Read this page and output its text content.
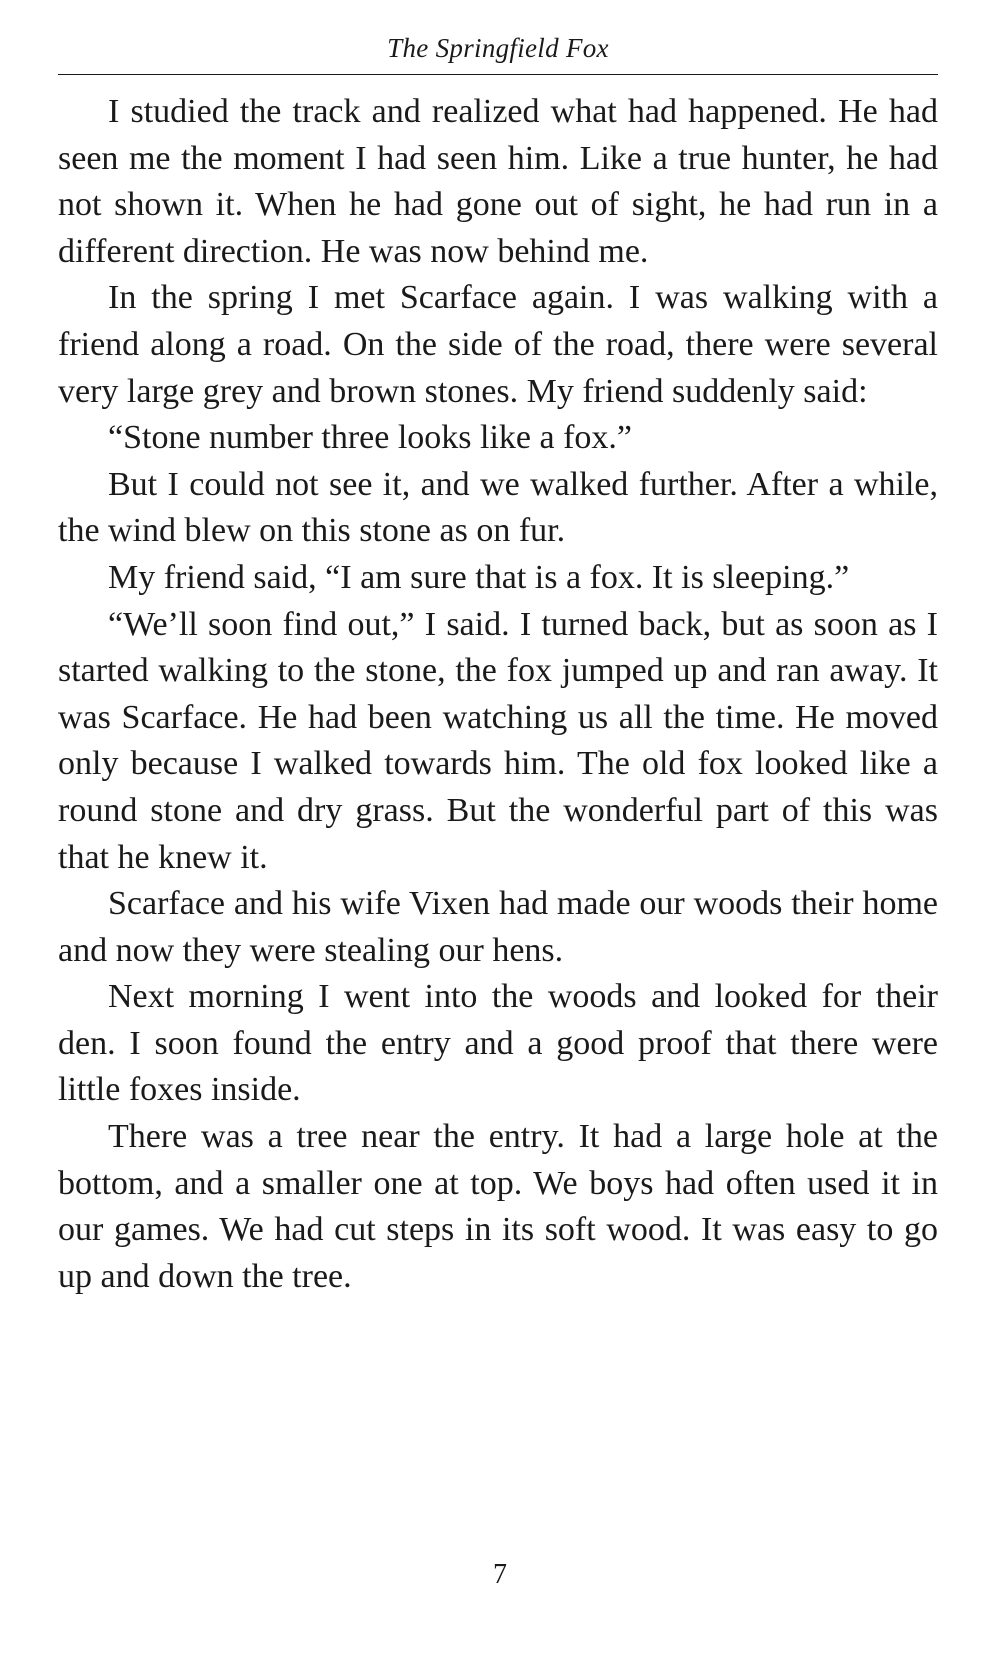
The Springfield Fox

I studied the track and realized what had happened. He had seen me the moment I had seen him. Like a true hunter, he had not shown it. When he had gone out of sight, he had run in a different direction. He was now behind me.

In the spring I met Scarface again. I was walking with a friend along a road. On the side of the road, there were several very large grey and brown stones. My friend suddenly said:

“Stone number three looks like a fox.”

But I could not see it, and we walked further. After a while, the wind blew on this stone as on fur.

My friend said, “I am sure that is a fox. It is sleeping.”

“We’ll soon find out,” I said. I turned back, but as soon as I started walking to the stone, the fox jumped up and ran away. It was Scarface. He had been watching us all the time. He moved only because I walked towards him. The old fox looked like a round stone and dry grass. But the wonderful part of this was that he knew it.

Scarface and his wife Vixen had made our woods their home and now they were stealing our hens.

Next morning I went into the woods and looked for their den. I soon found the entry and a good proof that there were little foxes inside.

There was a tree near the entry. It had a large hole at the bottom, and a smaller one at top. We boys had often used it in our games. We had cut steps in its soft wood. It was easy to go up and down the tree.

7
